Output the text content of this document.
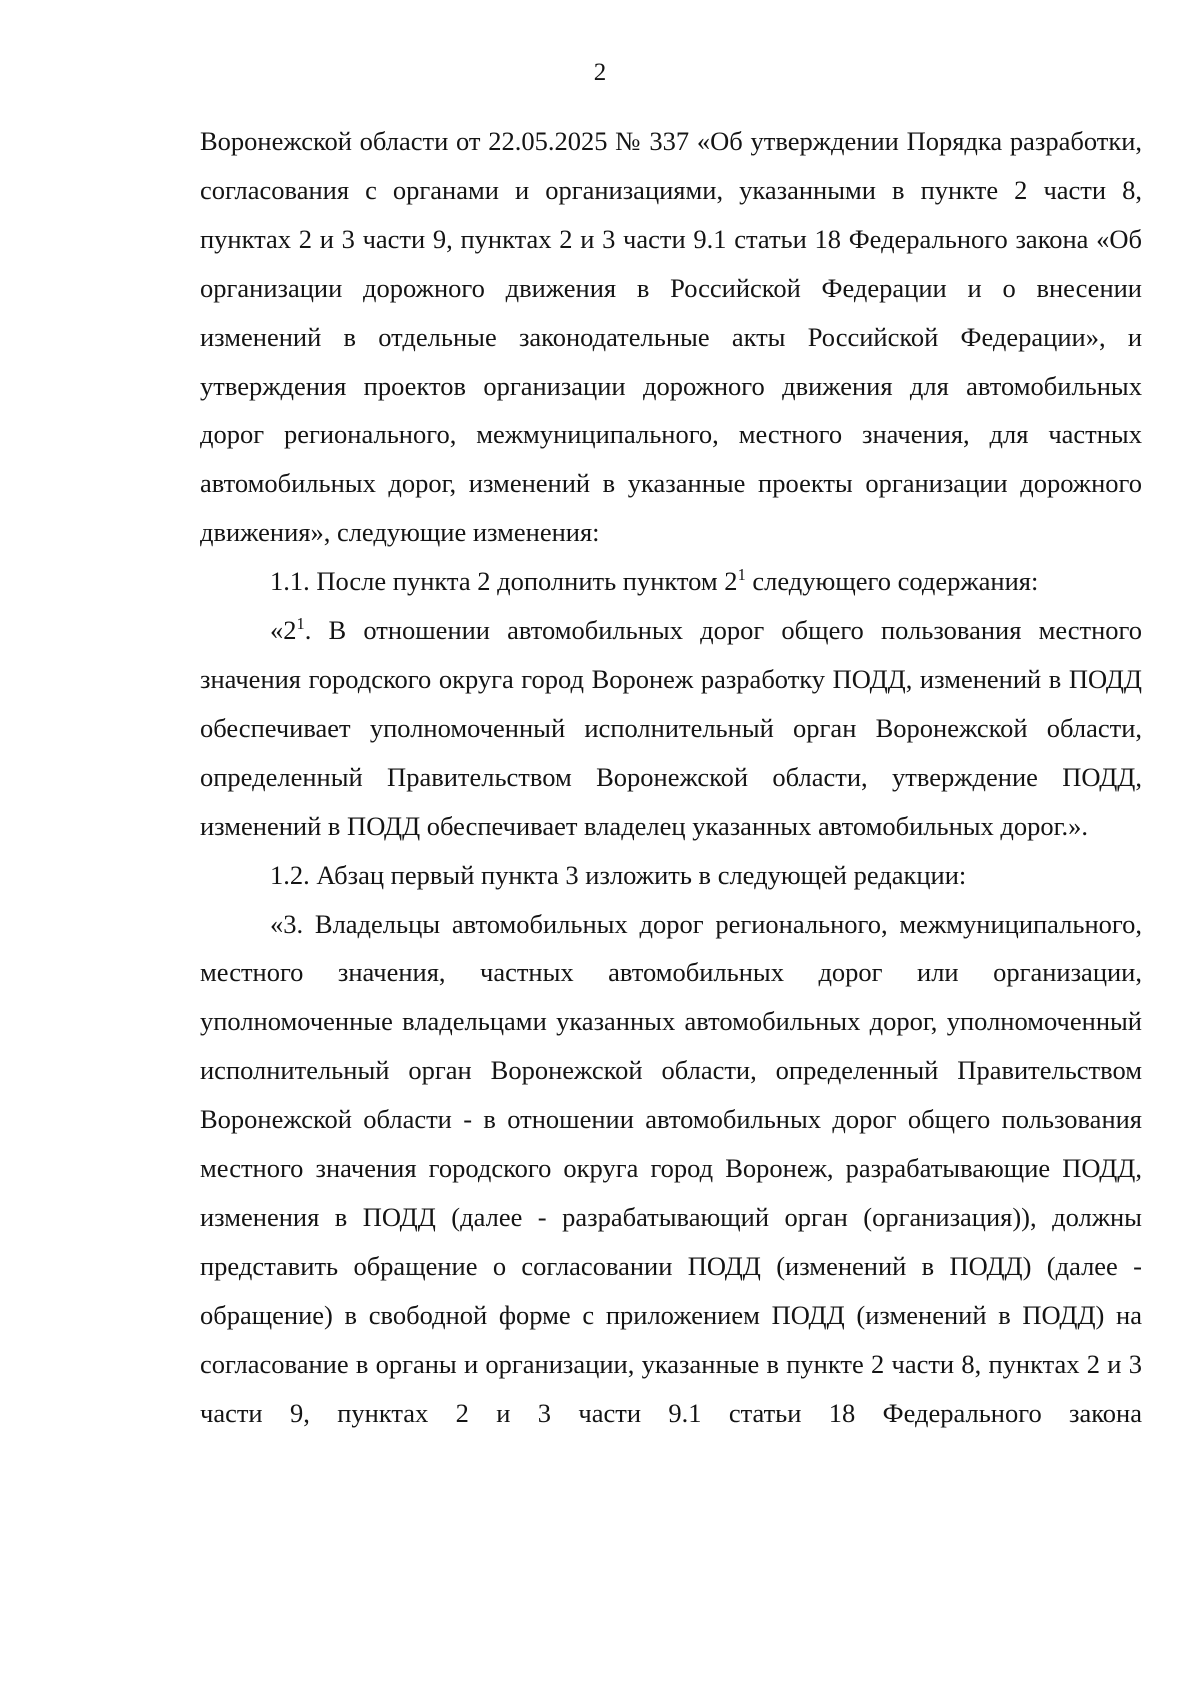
2

Воронежской области от 22.05.2025 № 337 «Об утверждении Порядка разработки, согласования с органами и организациями, указанными в пункте 2 части 8, пунктах 2 и 3 части 9, пунктах 2 и 3 части 9.1 статьи 18 Федерального закона «Об организации дорожного движения в Российской Федерации и о внесении изменений в отдельные законодательные акты Российской Федерации», и утверждения проектов организации дорожного движения для автомобильных дорог регионального, межмуниципального, местного значения, для частных автомобильных дорог, изменений в указанные проекты организации дорожного движения», следующие изменения:

1.1. После пункта 2 дополнить пунктом $2^1$ следующего содержания:

«$2^1$. В отношении автомобильных дорог общего пользования местного значения городского округа город Воронеж разработку ПОДД, изменений в ПОДД обеспечивает уполномоченный исполнительный орган Воронежской области, определенный Правительством Воронежской области, утверждение ПОДД, изменений в ПОДД обеспечивает владелец указанных автомобильных дорог.».

1.2. Абзац первый пункта 3 изложить в следующей редакции:

«3. Владельцы автомобильных дорог регионального, межмуниципального, местного значения, частных автомобильных дорог или организации, уполномоченные владельцами указанных автомобильных дорог, уполномоченный исполнительный орган Воронежской области, определенный Правительством Воронежской области - в отношении автомобильных дорог общего пользования местного значения городского округа город Воронеж, разрабатывающие ПОДД, изменения в ПОДД (далее - разрабатывающий орган (организация)), должны представить обращение о согласовании ПОДД (изменений в ПОДД) (далее - обращение) в свободной форме с приложением ПОДД (изменений в ПОДД) на согласование в органы и организации, указанные в пункте 2 части 8, пунктах 2 и 3 части 9, пунктах 2 и 3 части 9.1 статьи 18 Федерального закона
